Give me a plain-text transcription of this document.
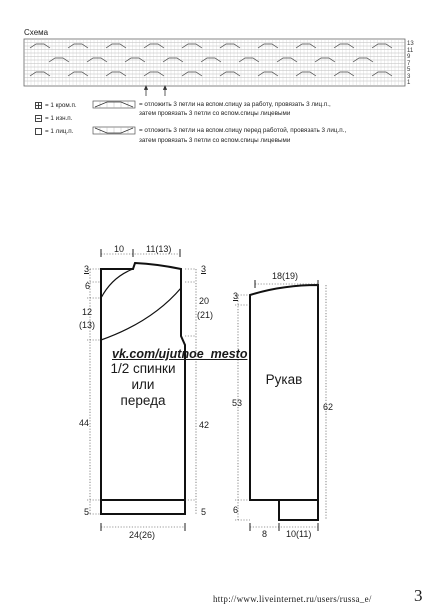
Схема
13
11
9
7
5
3
1
= 1 кром.п.
= 1 изн.п.
= 1 лиц.п.
= отложить 3 петли на вспом.спицу за работу, провязать 3 лиц.п.,
затем провязать 3 петли со вспом.спицы лицевыми
= отложить 3 петли на вспом.спицу перед работой, провязать 3 лиц.п.,
затем провязать 3 петли со вспом.спицы лицевыми
10 11(13)
3
6
12
(13)
3
20
(21)
44	42
5	5
24(26)
vk.com/ujutnoe_mesto
1/2 спинки
или
переда
18(19)
3
53	62
6
8 10(11)
Рукав
http://www.liveinternet.ru/users/russa_e/ 3
